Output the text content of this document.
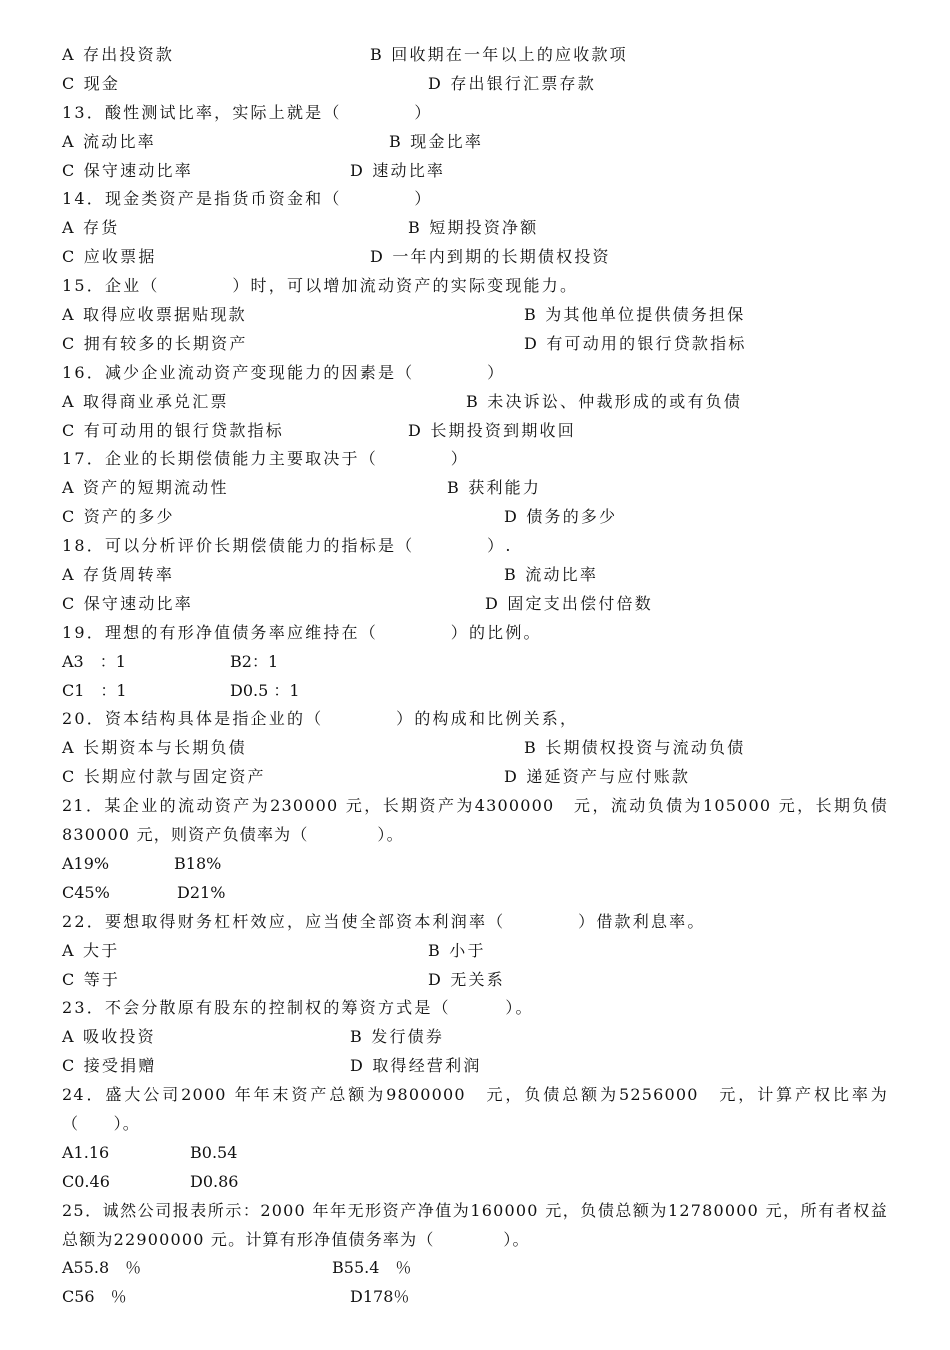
A 存出投资款	B 回收期在一年以上的应收款项
C 现金	D 存出银行汇票存款
13．酸性测试比率，实际上就是（　　　　）
A 流动比率	B 现金比率
C 保守速动比率	D 速动比率
14．现金类资产是指货币资金和（　　　　）
A 存货	B 短期投资净额
C 应收票据	D 一年内到期的长期债权投资
15．企业（　　　　）时，可以增加流动资产的实际变现能力。
A 取得应收票据贴现款	B 为其他单位提供债务担保
C 拥有较多的长期资产	D 有可动用的银行贷款指标
16．减少企业流动资产变现能力的因素是（　　　　）
A 取得商业承兑汇票	B 未决诉讼、仲裁形成的或有负债
C 有可动用的银行贷款指标	D 长期投资到期收回
17．企业的长期偿债能力主要取决于（　　　　）
A 资产的短期流动性	B 获利能力
C 资产的多少	D 债务的多少
18．可以分析评价长期偿债能力的指标是（　　　　）.
A 存货周转率	B 流动比率
C 保守速动比率	D 固定支出偿付倍数
19．理想的有形净值债务率应维持在（　　　　）的比例。
A3　：1	B2：1
C1　：1	D0.5 ：1
20．资本结构具体是指企业的（　　　　）的构成和比例关系，
A 长期资本与长期负债	B 长期债权投资与流动负债
C 长期应付款与固定资产	D 递延资产与应付账款
21．某企业的流动资产为230000 元，长期资产为4300000　元，流动负债为105000 元，长期负债830000 元，则资产负债率为（　　　　）。
A19%	B18%
C45%	D21%
22．要想取得财务杠杆效应，应当使全部资本利润率（　　　　）借款利息率。
A 大于	B 小于
C 等于	D 无关系
23．不会分散原有股东的控制权的筹资方式是（　　　）。
A 吸收投资	B 发行债券
C 接受捐赠	D 取得经营利润
24．盛大公司2000 年年末资产总额为9800000　元，负债总额为5256000　元，计算产权比率为（　　）。
A1.16	B0.54
C0.46	D0.86
25．诚然公司报表所示：2000 年年无形资产净值为160000 元，负债总额为12780000 元，所有者权益总额为22900000 元。计算有形净值债务率为（　　　　）。
A55.8　％	B55.4　％
C56　％	D178％
